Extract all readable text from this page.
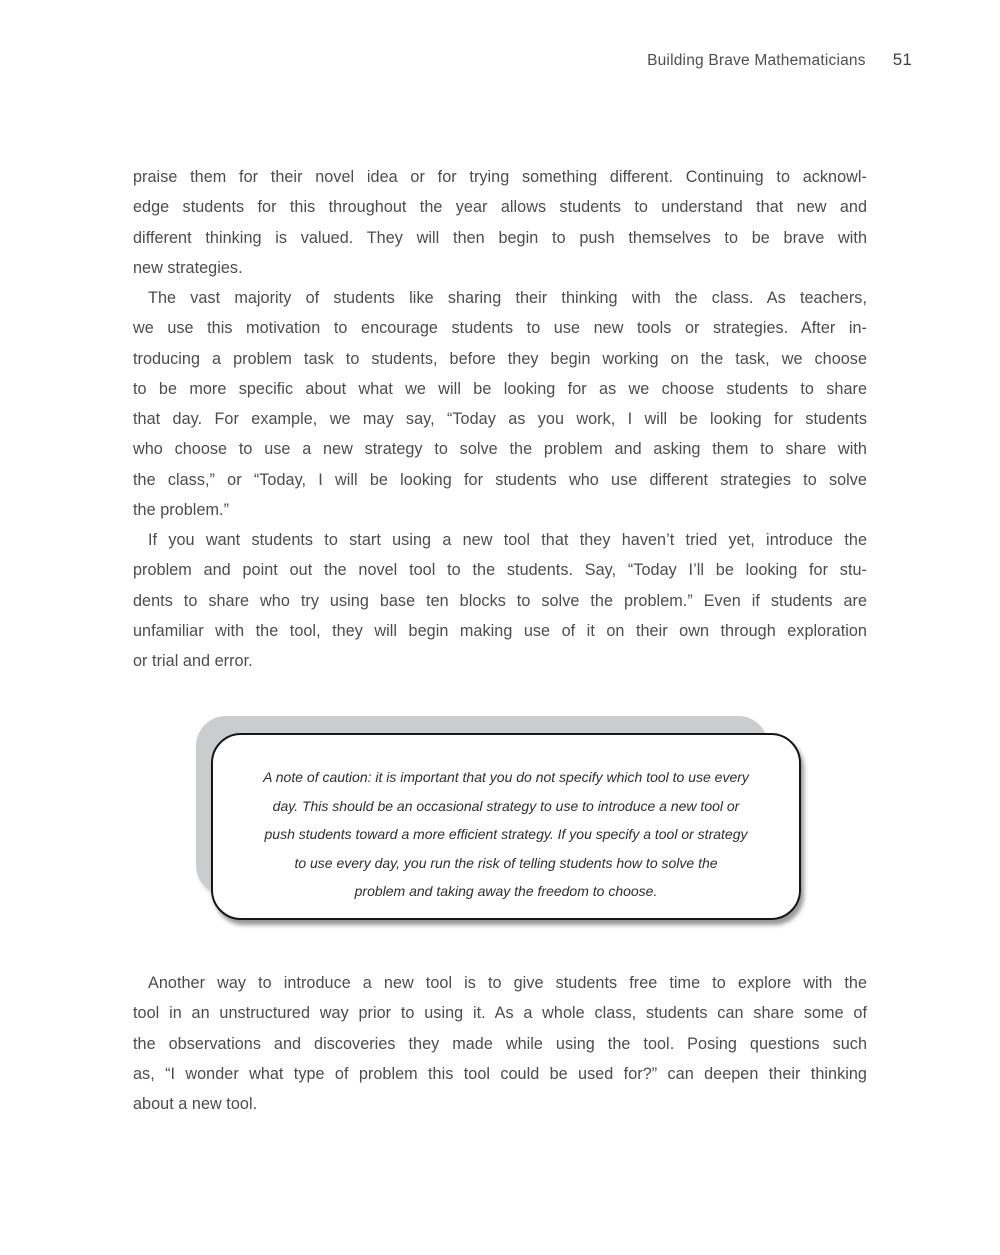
Building Brave Mathematicians 51
praise them for their novel idea or for trying something different. Continuing to acknowl-
edge students for this throughout the year allows students to understand that new and
different thinking is valued. They will then begin to push themselves to be brave with
new strategies.
The vast majority of students like sharing their thinking with the class. As teachers,
we use this motivation to encourage students to use new tools or strategies. After in-
troducing a problem task to students, before they begin working on the task, we choose
to be more specific about what we will be looking for as we choose students to share
that day. For example, we may say, “Today as you work, I will be looking for students
who choose to use a new strategy to solve the problem and asking them to share with
the class,” or “Today, I will be looking for students who use different strategies to solve
the problem.”
If you want students to start using a new tool that they haven’t tried yet, introduce the
problem and point out the novel tool to the students. Say, “Today I’ll be looking for stu-
dents to share who try using base ten blocks to solve the problem.” Even if students are
unfamiliar with the tool, they will begin making use of it on their own through exploration
or trial and error.
A note of caution: it is important that you do not specify which tool to use every
day. This should be an occasional strategy to use to introduce a new tool or
push students toward a more efficient strategy. If you specify a tool or strategy
to use every day, you run the risk of telling students how to solve the
problem and taking away the freedom to choose.
Another way to introduce a new tool is to give students free time to explore with the
tool in an unstructured way prior to using it. As a whole class, students can share some of
the observations and discoveries they made while using the tool. Posing questions such
as, “I wonder what type of problem this tool could be used for?” can deepen their thinking
about a new tool.
